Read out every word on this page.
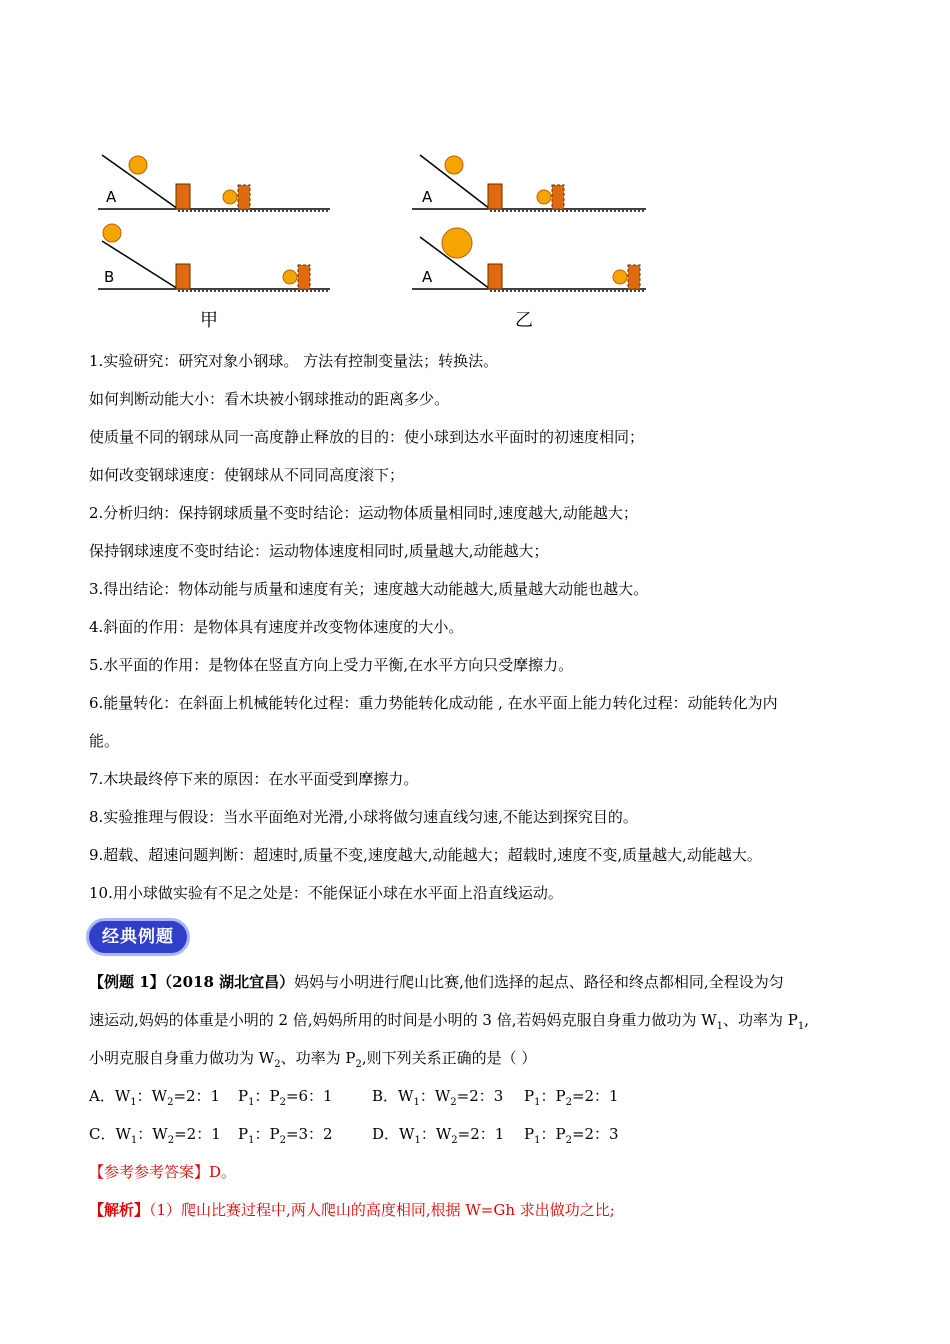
A
B
A
A
甲	乙
1.实验研究：研究对象小钢球。 方法有控制变量法；转换法。
如何判断动能大小：看木块被小钢球推动的距离多少。
使质量不同的钢球从同一高度静止释放的目的：使小球到达水平面时的初速度相同；
如何改变钢球速度：使钢球从不同同高度滚下；
2.分析归纳：保持钢球质量不变时结论：运动物体质量相同时,速度越大,动能越大；
保持钢球速度不变时结论：运动物体速度相同时,质量越大,动能越大；
3.得出结论：物体动能与质量和速度有关；速度越大动能越大,质量越大动能也越大。
4.斜面的作用：是物体具有速度并改变物体速度的大小。
5.水平面的作用：是物体在竖直方向上受力平衡,在水平方向只受摩擦力。
6.能量转化：在斜面上机械能转化过程：重力势能转化成动能 , 在水平面上能力转化过程：动能转化为内
能。
7.木块最终停下来的原因：在水平面受到摩擦力。
8.实验推理与假设：当水平面绝对光滑,小球将做匀速直线匀速,不能达到探究目的。
9.超载、超速问题判断：超速时,质量不变,速度越大,动能越大；超载时,速度不变,质量越大,动能越大。
10.用小球做实验有不足之处是：不能保证小球在水平面上沿直线运动。
经典例题
【例题 1】（2018 湖北宜昌）妈妈与小明进行爬山比赛,他们选择的起点、路径和终点都相同,全程设为匀
速运动,妈妈的体重是小明的 2 倍,妈妈所用的时间是小明的 3 倍,若妈妈克服自身重力做功为 $W_1$、功率为 $P_1$,
小明克服自身重力做功为 $W_2$、功率为 $P_2$,则下列关系正确的是（ ）
A．$W_1$：$W_2=2$：1 $P_1$：$P_2=6$：1	B．$W_1$：$W_2=2$：3 $P_1$：$P_2=2$：1
C．$W_1$：$W_2=2$：1 $P_1$：$P_2=3$：2	D．$W_1$：$W_2=2$：1 $P_1$：$P_2=2$：3
【参考参考答案】D。
【解析】（1）爬山比赛过程中,两人爬山的高度相同,根据 W=Gh 求出做功之比;
